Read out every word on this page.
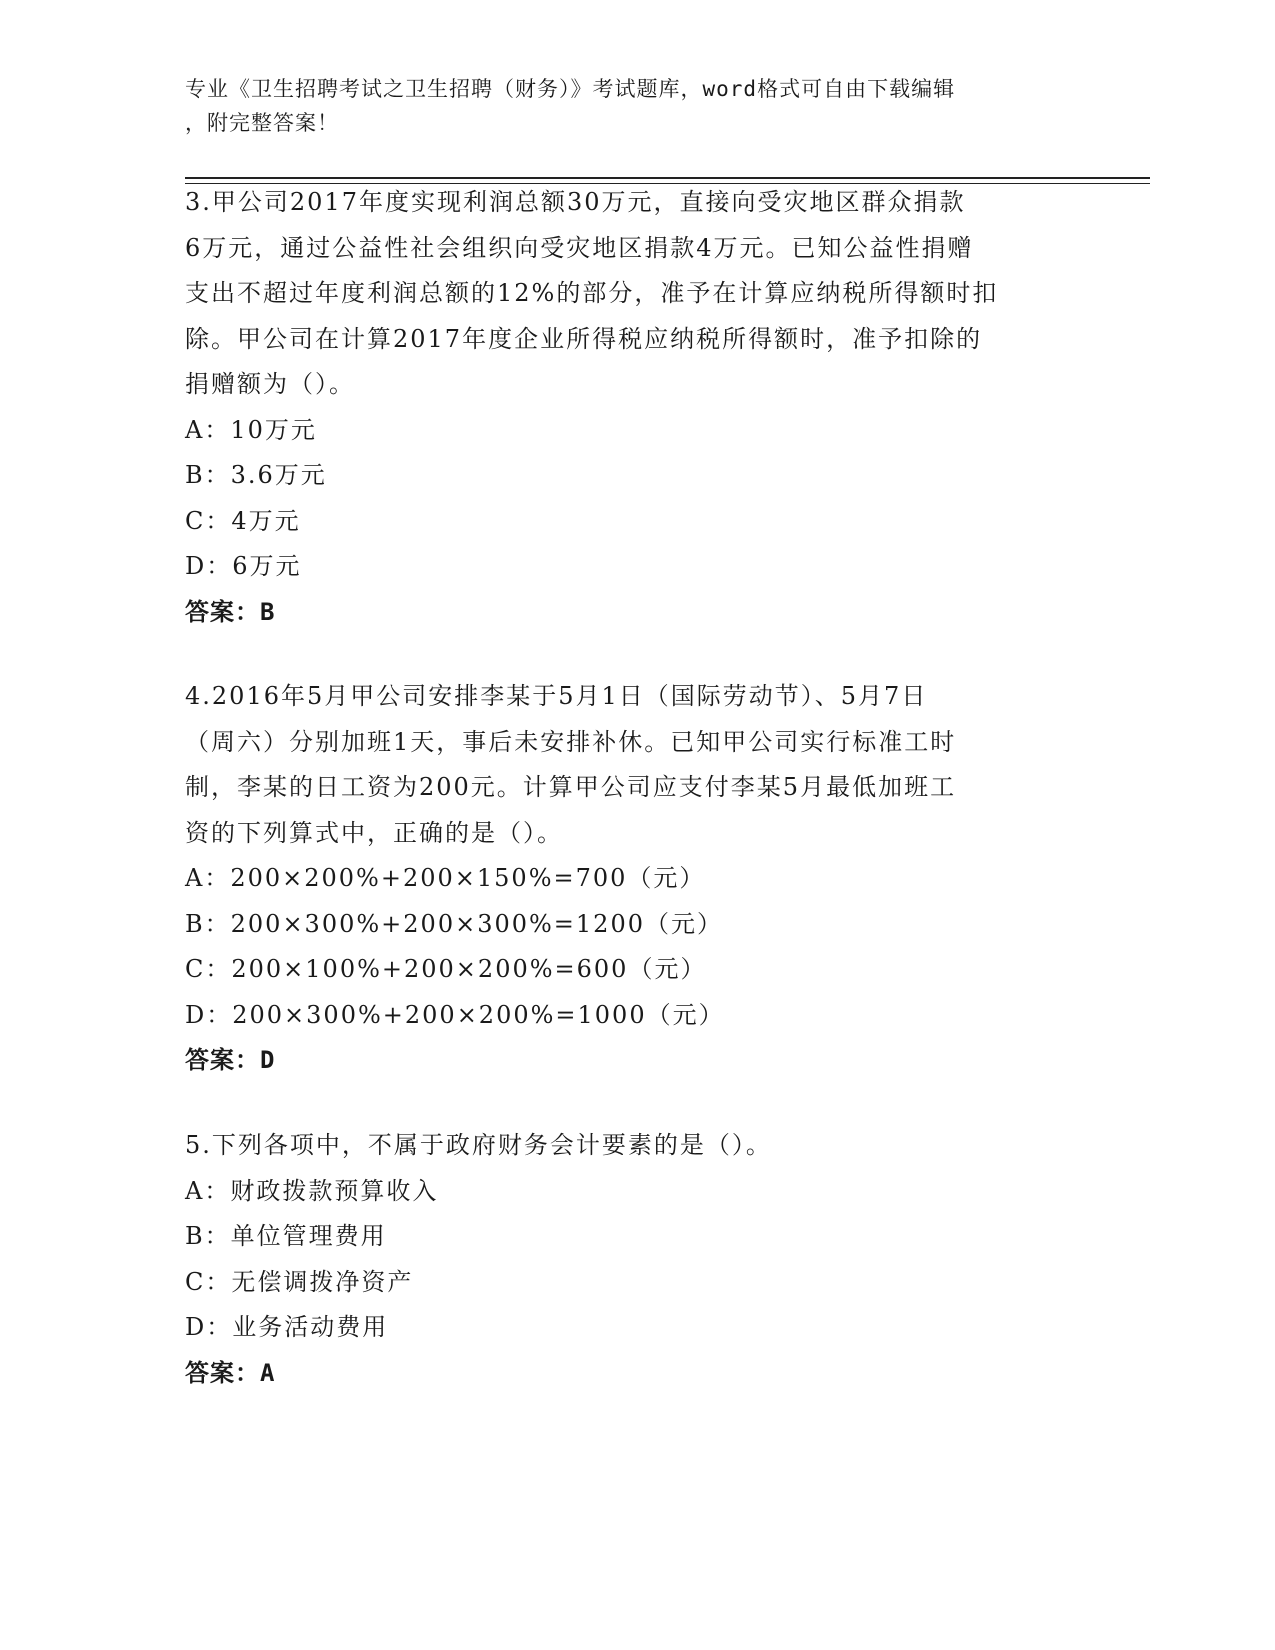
专业《卫生招聘考试之卫生招聘（财务）》考试题库，word格式可自由下载编辑
，附完整答案！
3.甲公司2017年度实现利润总额30万元，直接向受灾地区群众捐款
6万元，通过公益性社会组织向受灾地区捐款4万元。已知公益性捐赠
支出不超过年度利润总额的12%的部分，准予在计算应纳税所得额时扣
除。甲公司在计算2017年度企业所得税应纳税所得额时，准予扣除的
捐赠额为（）。
A：10万元
B：3.6万元
C：4万元
D：6万元
答案：B
4.2016年5月甲公司安排李某于5月1日（国际劳动节）、5月7日
（周六）分别加班1天，事后未安排补休。已知甲公司实行标准工时
制，李某的日工资为200元。计算甲公司应支付李某5月最低加班工
资的下列算式中，正确的是（）。
A：200×200%+200×150%=700（元）
B：200×300%+200×300%=1200（元）
C：200×100%+200×200%=600（元）
D：200×300%+200×200%=1000（元）
答案：D
5.下列各项中，不属于政府财务会计要素的是（）。
A：财政拨款预算收入
B：单位管理费用
C：无偿调拨净资产
D：业务活动费用
答案：A
